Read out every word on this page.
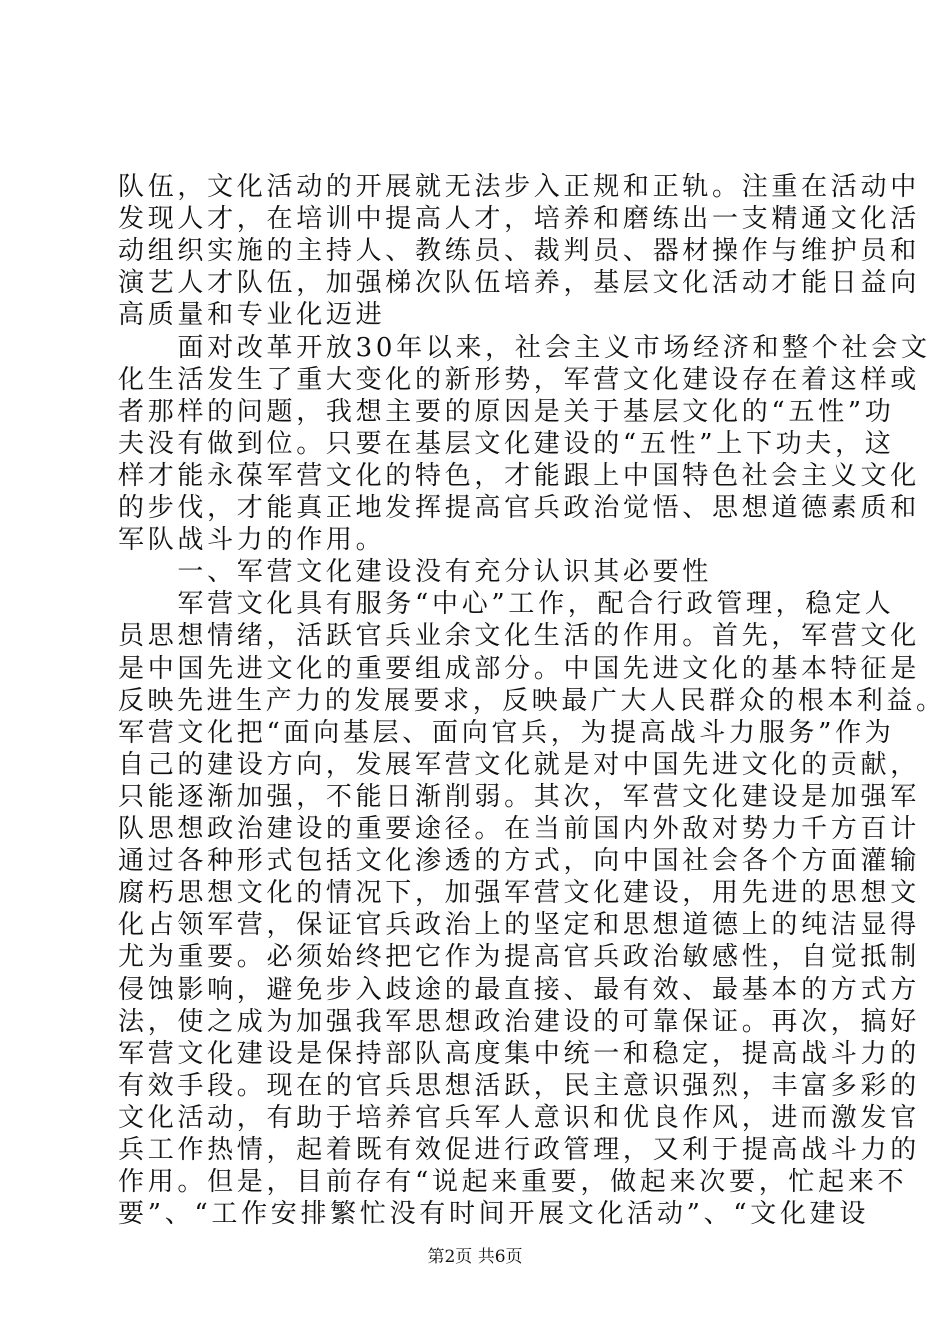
队伍，文化活动的开展就无法步入正规和正轨。注重在活动中
发现人才，在培训中提高人才，培养和磨练出一支精通文化活
动组织实施的主持人、教练员、裁判员、器材操作与维护员和
演艺人才队伍，加强梯次队伍培养，基层文化活动才能日益向
高质量和专业化迈进
　　面对改革开放30年以来，社会主义市场经济和整个社会文
化生活发生了重大变化的新形势，军营文化建设存在着这样或
者那样的问题，我想主要的原因是关于基层文化的“五性”功
夫没有做到位。只要在基层文化建设的“五性”上下功夫，这
样才能永葆军营文化的特色，才能跟上中国特色社会主义文化
的步伐，才能真正地发挥提高官兵政治觉悟、思想道德素质和
军队战斗力的作用。
　　一、军营文化建设没有充分认识其必要性
　　军营文化具有服务“中心”工作，配合行政管理，稳定人
员思想情绪，活跃官兵业余文化生活的作用。首先，军营文化
是中国先进文化的重要组成部分。中国先进文化的基本特征是
反映先进生产力的发展要求，反映最广大人民群众的根本利益。
军营文化把“面向基层、面向官兵，为提高战斗力服务”作为
自己的建设方向，发展军营文化就是对中国先进文化的贡献，
只能逐渐加强，不能日渐削弱。其次，军营文化建设是加强军
队思想政治建设的重要途径。在当前国内外敌对势力千方百计
通过各种形式包括文化渗透的方式，向中国社会各个方面灌输
腐朽思想文化的情况下，加强军营文化建设，用先进的思想文
化占领军营，保证官兵政治上的坚定和思想道德上的纯洁显得
尤为重要。必须始终把它作为提高官兵政治敏感性，自觉抵制
侵蚀影响，避免步入歧途的最直接、最有效、最基本的方式方
法，使之成为加强我军思想政治建设的可靠保证。再次，搞好
军营文化建设是保持部队高度集中统一和稳定，提高战斗力的
有效手段。现在的官兵思想活跃，民主意识强烈，丰富多彩的
文化活动，有助于培养官兵军人意识和优良作风，进而激发官
兵工作热情，起着既有效促进行政管理，又利于提高战斗力的
作用。但是，目前存有“说起来重要，做起来次要，忙起来不
要”、“工作安排繁忙没有时间开展文化活动”、“文化建设
第2页 共6页
